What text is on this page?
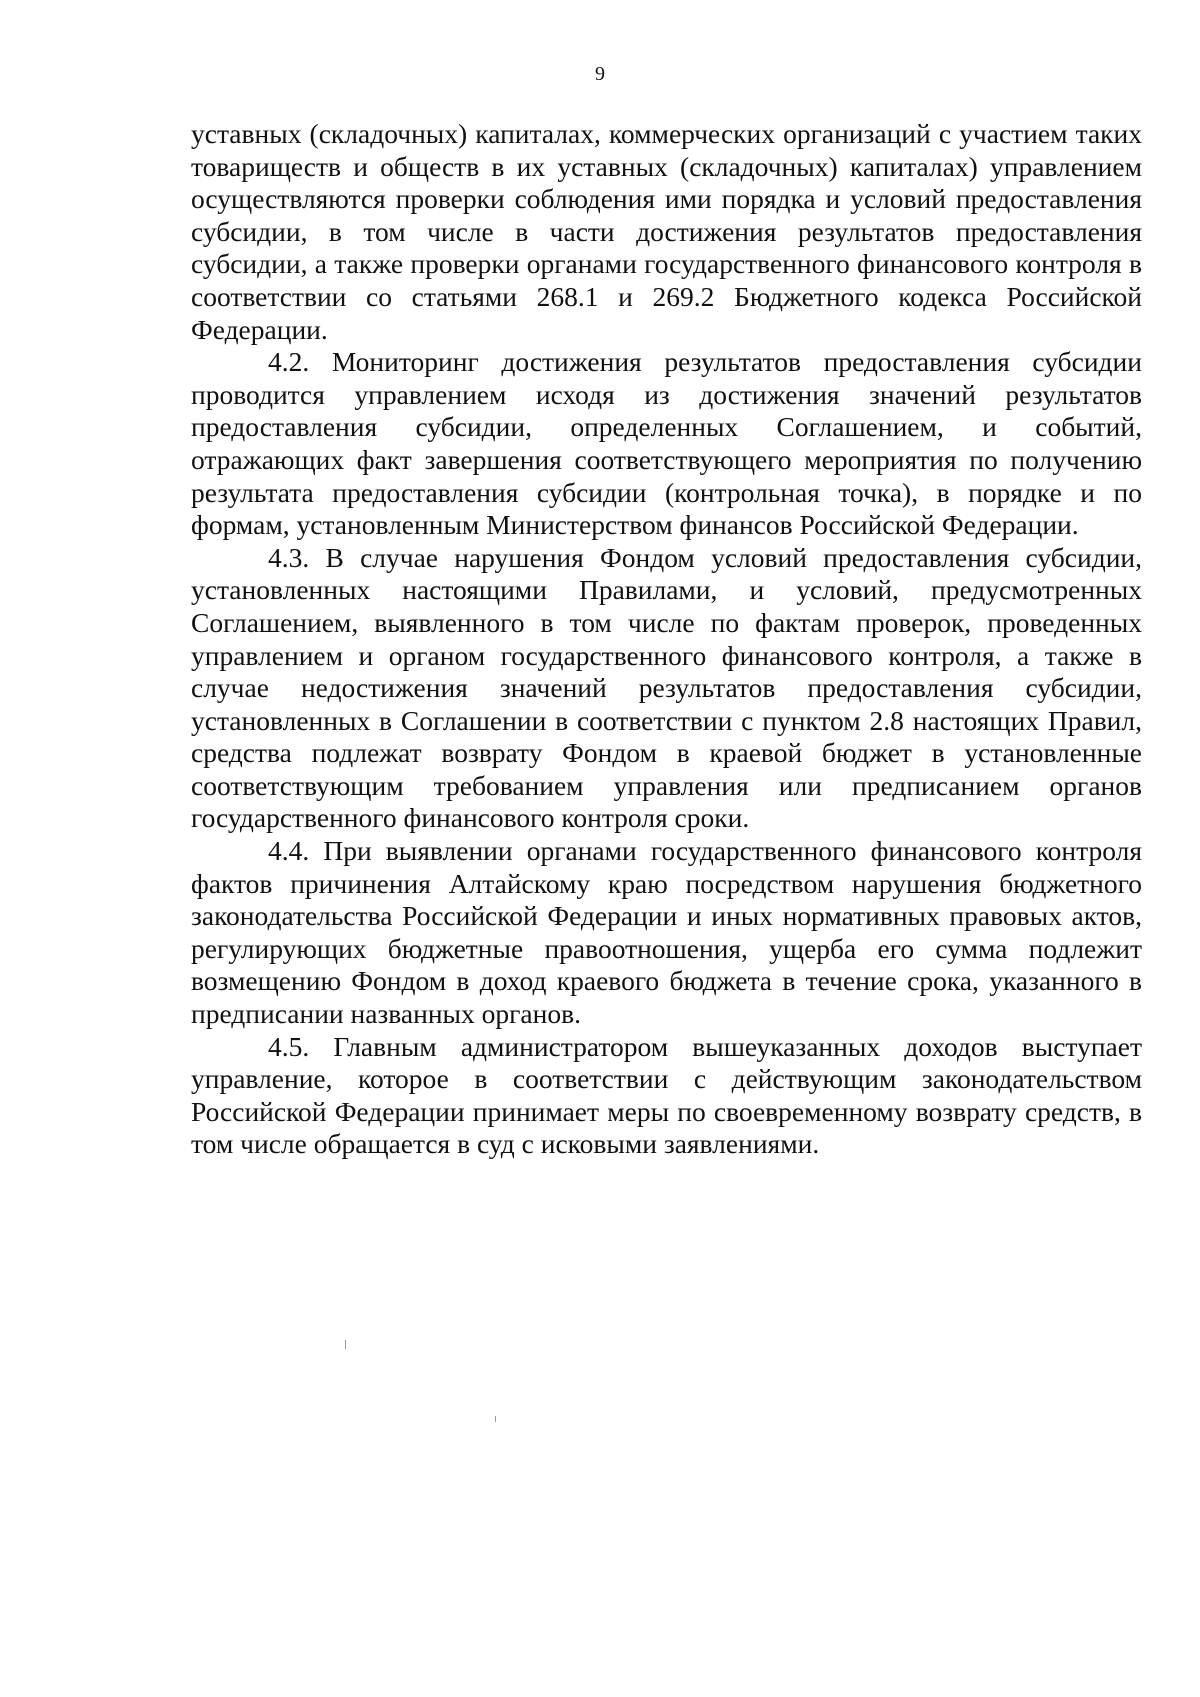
9

уставных (складочных) капиталах, коммерческих организаций с участием таких товариществ и обществ в их уставных (складочных) капиталах) управлением осуществляются проверки соблюдения ими порядка и условий предоставления субсидии, в том числе в части достижения результатов предоставления субсидии, а также проверки органами государственного финансового контроля в соответствии со статьями 268.1 и 269.2 Бюджетного кодекса Российской Федерации.

4.2. Мониторинг достижения результатов предоставления субсидии проводится управлением исходя из достижения значений результатов предоставления субсидии, определенных Соглашением, и событий, отражающих факт завершения соответствующего мероприятия по получению результата предоставления субсидии (контрольная точка), в порядке и по формам, установленным Министерством финансов Российской Федерации.

4.3. В случае нарушения Фондом условий предоставления субсидии, установленных настоящими Правилами, и условий, предусмотренных Соглашением, выявленного в том числе по фактам проверок, проведенных управлением и органом государственного финансового контроля, а также в случае недостижения значений результатов предоставления субсидии, установленных в Соглашении в соответствии с пунктом 2.8 настоящих Правил, средства подлежат возврату Фондом в краевой бюджет в установленные соответствующим требованием управления или предписанием органов государственного финансового контроля сроки.

4.4. При выявлении органами государственного финансового контроля фактов причинения Алтайскому краю посредством нарушения бюджетного законодательства Российской Федерации и иных нормативных правовых актов, регулирующих бюджетные правоотношения, ущерба его сумма подлежит возмещению Фондом в доход краевого бюджета в течение срока, указанного в предписании названных органов.

4.5. Главным администратором вышеуказанных доходов выступает управление, которое в соответствии с действующим законодательством Российской Федерации принимает меры по своевременному возврату средств, в том числе обращается в суд с исковыми заявлениями.
